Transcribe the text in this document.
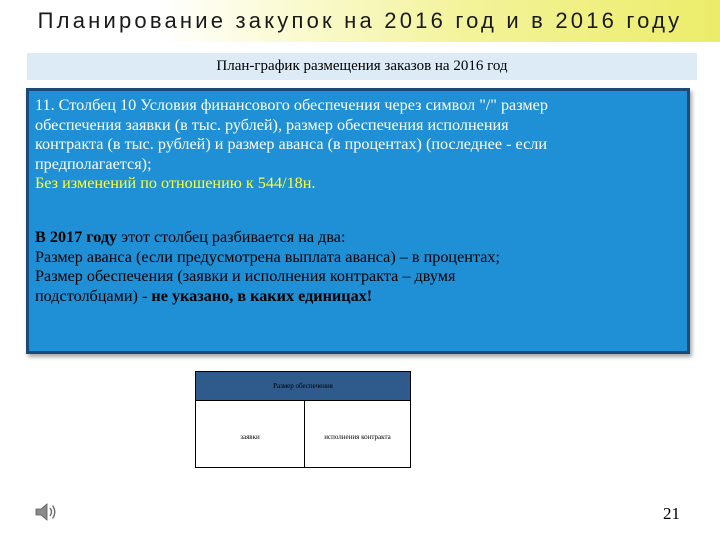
Планирование закупок на 2016 год и в 2016 году
План-график размещения заказов на 2016 год
11. Столбец 10 Условия финансового обеспечения через символ "/" размер
обеспечения заявки (в тыс. рублей), размер обеспечения исполнения
контракта (в тыс. рублей) и размер аванса (в процентах) (последнее - если
предполагается);
Без изменений по отношению к 544/18н.
В 2017 году этот столбец разбивается на два:
Размер аванса (если предусмотрена выплата аванса) – в процентах;
Размер обеспечения (заявки и исполнения контракта – двумя
подстолбцами) - не указано, в каких единицах!
Размер обеспечения
заявки	исполнения контракта
21
